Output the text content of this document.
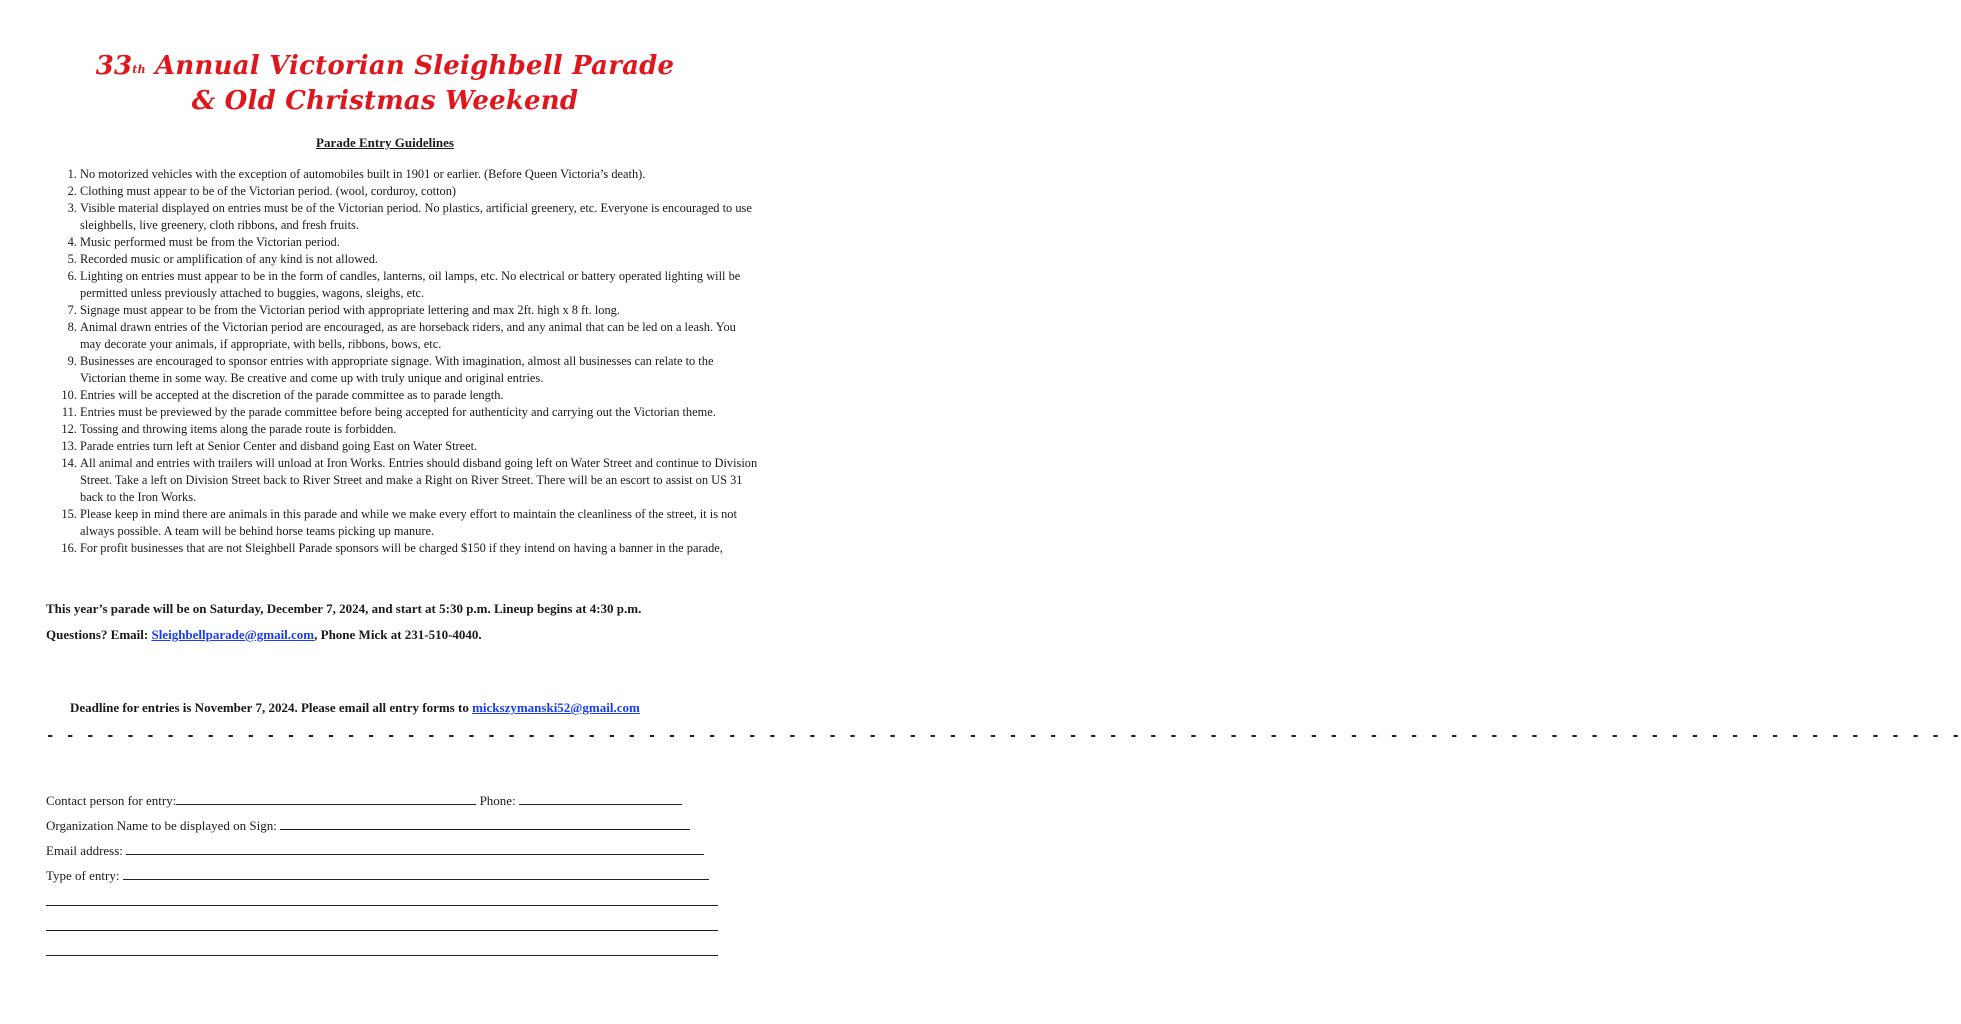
33th Annual Victorian Sleighbell Parade
& Old Christmas Weekend
Parade Entry Guidelines
1. No motorized vehicles with the exception of automobiles built in 1901 or earlier. (Before Queen Victoria’s death).
2. Clothing must appear to be of the Victorian period. (wool, corduroy, cotton)
3. Visible material displayed on entries must be of the Victorian period. No plastics, artificial greenery, etc. Everyone is encouraged to use sleighbells, live greenery, cloth ribbons, and fresh fruits.
4. Music performed must be from the Victorian period.
5. Recorded music or amplification of any kind is not allowed.
6. Lighting on entries must appear to be in the form of candles, lanterns, oil lamps, etc. No electrical or battery operated lighting will be permitted unless previously attached to buggies, wagons, sleighs, etc.
7. Signage must appear to be from the Victorian period with appropriate lettering and max 2ft. high x 8 ft. long.
8. Animal drawn entries of the Victorian period are encouraged, as are horseback riders, and any animal that can be led on a leash. You may decorate your animals, if appropriate, with bells, ribbons, bows, etc.
9. Businesses are encouraged to sponsor entries with appropriate signage. With imagination, almost all businesses can relate to the Victorian theme in some way. Be creative and come up with truly unique and original entries.
10. Entries will be accepted at the discretion of the parade committee as to parade length.
11. Entries must be previewed by the parade committee before being accepted for authenticity and carrying out the Victorian theme.
12. Tossing and throwing items along the parade route is forbidden.
13. Parade entries turn left at Senior Center and disband going East on Water Street.
14. All animal and entries with trailers will unload at Iron Works. Entries should disband going left on Water Street and continue to Division Street. Take a left on Division Street back to River Street and make a Right on River Street. There will be an escort to assist on US 31 back to the Iron Works.
15. Please keep in mind there are animals in this parade and while we make every effort to maintain the cleanliness of the street, it is not always possible. A team will be behind horse teams picking up manure.
16. For profit businesses that are not Sleighbell Parade sponsors will be charged $150 if they intend on having a banner in the parade,
This year’s parade will be on Saturday, December 7, 2024, and start at 5:30 p.m. Lineup begins at 4:30 p.m.
Questions? Email: Sleighbellparade@gmail.com, Phone Mick at 231-510-4040.
Deadline for entries is November 7, 2024. Please email all entry forms to mickszymanski52@gmail.com
- - - - - - - - - - - - - - - - - - - - - - - - - - - - - - - - - - - - - - - - - - - - - - - - - - - - - - - - - - - - - - - - - - - - - - - - - - - - - - - - - - - - - - - - - - - - - - - -
Contact person for entry:	Phone:
Organization Name to be displayed on Sign:
Email address:
Type of entry:
